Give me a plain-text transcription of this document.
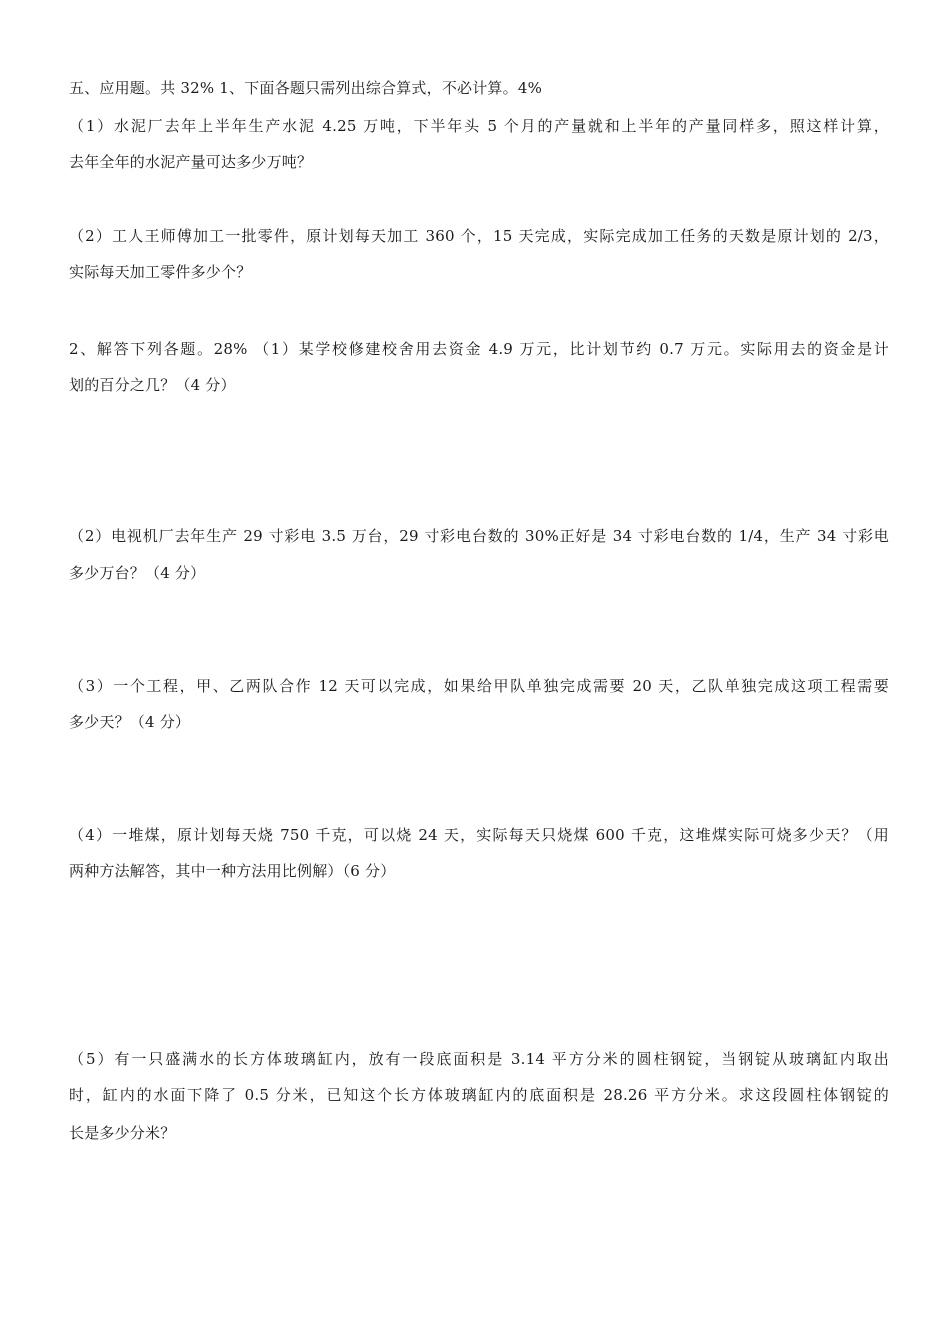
五、应用题。共 32% 1、下面各题只需列出综合算式，不必计算。4%
（1）水泥厂去年上半年生产水泥 4.25 万吨，下半年头 5 个月的产量就和上半年的产量同样多，照这样计算，
去年全年的水泥产量可达多少万吨？
（2）工人王师傅加工一批零件，原计划每天加工 360 个，15 天完成，实际完成加工任务的天数是原计划的 2/3，
实际每天加工零件多少个？
2、解答下列各题。28% （1）某学校修建校舍用去资金 4.9 万元，比计划节约 0.7 万元。实际用去的资金是计
划的百分之几？（4 分）
（2）电视机厂去年生产 29 寸彩电 3.5 万台，29 寸彩电台数的 30%正好是 34 寸彩电台数的 1/4，生产 34 寸彩电
多少万台？（4 分）
（3）一个工程，甲、乙两队合作 12 天可以完成，如果给甲队单独完成需要 20 天，乙队单独完成这项工程需要
多少天？（4 分）
（4）一堆煤，原计划每天烧 750 千克，可以烧 24 天，实际每天只烧煤 600 千克，这堆煤实际可烧多少天？（用
两种方法解答，其中一种方法用比例解）（6 分）
（5）有一只盛满水的长方体玻璃缸内，放有一段底面积是 3.14 平方分米的圆柱钢锭，当钢锭从玻璃缸内取出
时，缸内的水面下降了 0.5 分米，已知这个长方体玻璃缸内的底面积是 28.26 平方分米。求这段圆柱体钢锭的
长是多少分米？
